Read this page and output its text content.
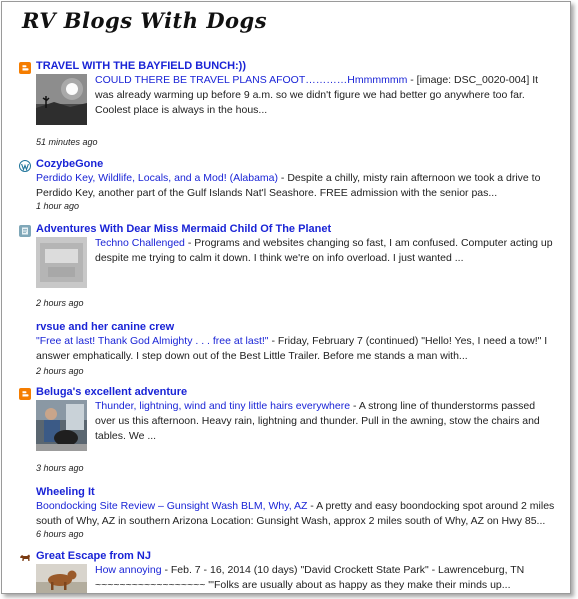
RV Blogs With Dogs
TRAVEL WITH THE BAYFIELD BUNCH:))
COULD THERE BE TRAVEL PLANS AFOOT…………Hmmmmmm - [image: DSC_0020-004] It was already warming up before 9 a.m. so we didn't figure we had better go anywhere too far. Coolest place is always in the hous...
51 minutes ago
CozybeGone
Perdido Key, Wildlife, Locals, and a Mod! (Alabama) - Despite a chilly, misty rain afternoon we took a drive to Perdido Key, another part of the Gulf Islands Nat'l Seashore. FREE admission with the senior pas...
1 hour ago
Adventures With Dear Miss Mermaid Child Of The Planet
Techno Challenged - Programs and websites changing so fast, I am confused. Computer acting up despite me trying to calm it down. I think we're on info overload. I just wanted ...
2 hours ago
rvsue and her canine crew
"Free at last! Thank God Almighty . . . free at last!" - Friday, February 7 (continued) "Hello! Yes, I need a tow!" I answer emphatically. I step down out of the Best Little Trailer. Before me stands a man with...
2 hours ago
Beluga's excellent adventure
Thunder, lightning, wind and tiny little hairs everywhere - A strong line of thunderstorms passed over us this afternoon. Heavy rain, lightning and thunder. Pull in the awning, stow the chairs and tables. We ...
3 hours ago
Wheeling It
Boondocking Site Review – Gunsight Wash BLM, Why, AZ - A pretty and easy boondocking spot around 2 miles south of Why, AZ in southern Arizona Location: Gunsight Wash, approx 2 miles south of Why, AZ on Hwy 85...
6 hours ago
Great Escape from NJ
How annoying - Feb. 7 - 16, 2014 (10 days) "David Crockett State Park" - Lawrenceburg, TN ~~~~~~~~~~~~~~~~~~ "'Folks are usually about as happy as they make their minds up...
